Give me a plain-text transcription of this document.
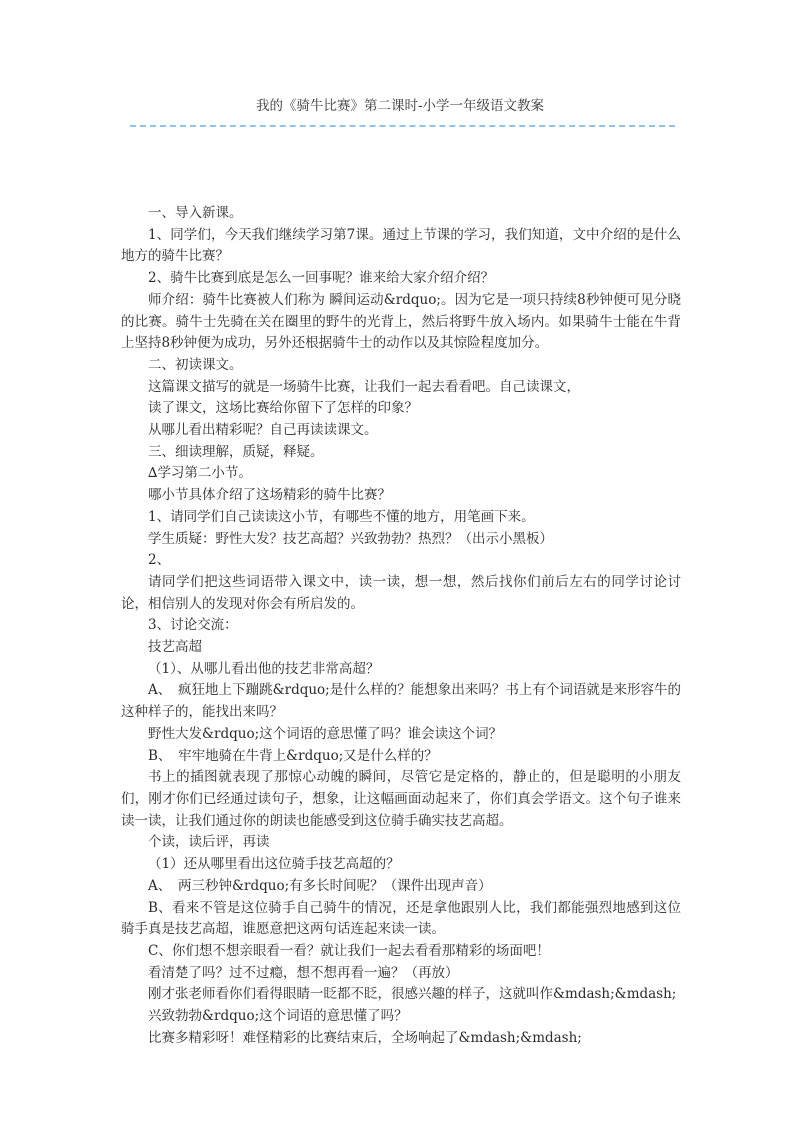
我的《骑牛比赛》第二课时-小学一年级语文教案

一、导入新课。

1、同学们，今天我们继续学习第7课。通过上节课的学习，我们知道，文中介绍的是什么地方的骑牛比赛？

2、骑牛比赛到底是怎么一回事呢？谁来给大家介绍介绍？

师介绍：骑牛比赛被人们称为 瞬间运动&rdquo;。因为它是一项只持续8秒钟便可见分晓的比赛。骑牛士先骑在关在圈里的野牛的光背上，然后将野牛放入场内。如果骑牛士能在牛背上坚持8秒钟便为成功，另外还根据骑牛士的动作以及其惊险程度加分。

二、初读课文。

这篇课文描写的就是一场骑牛比赛，让我们一起去看看吧。自己读课文，

读了课文，这场比赛给你留下了怎样的印象？

从哪儿看出精彩呢？自己再读读课文。

三、细读理解，质疑，释疑。

∆学习第二小节。

哪小节具体介绍了这场精彩的骑牛比赛？

1、请同学们自己读读这小节，有哪些不懂的地方，用笔画下来。

学生质疑：野性大发？技艺高超？兴致勃勃？热烈？（出示小黑板）

2、

请同学们把这些词语带入课文中，读一读，想一想，然后找你们前后左右的同学讨论讨论，相信别人的发现对你会有所启发的。

3、讨论交流：

技艺高超

（1）、从哪儿看出他的技艺非常高超？

A、　疯狂地上下蹦跳&rdquo;是什么样的？能想象出来吗？书上有个词语就是来形容牛的这种样子的，能找出来吗？

野性大发&rdquo;这个词语的意思懂了吗？谁会读这个词？

B、　牢牢地骑在牛背上&rdquo;又是什么样的？

书上的插图就表现了那惊心动魄的瞬间，尽管它是定格的，静止的，但是聪明的小朋友们，刚才你们已经通过读句子，想象，让这幅画面动起来了，你们真会学语文。这个句子谁来读一读，让我们通过你的朗读也能感受到这位骑手确实技艺高超。

个读，读后评，再读

（1）还从哪里看出这位骑手技艺高超的？

A、　两三秒钟&rdquo;有多长时间呢？（课件出现声音）

B、看来不管是这位骑手自己骑牛的情况，还是拿他跟别人比，我们都能强烈地感到这位骑手真是技艺高超，谁愿意把这两句话连起来读一读。

C、你们想不想亲眼看一看？就让我们一起去看看那精彩的场面吧！

看清楚了吗？过不过瘾，想不想再看一遍？（再放）

刚才张老师看你们看得眼睛一眨都不眨，很感兴趣的样子，这就叫作&mdash;&mdash;

兴致勃勃&rdquo;这个词语的意思懂了吗？

比赛多精彩呀！难怪精彩的比赛结束后，全场响起了&mdash;&mdash;
